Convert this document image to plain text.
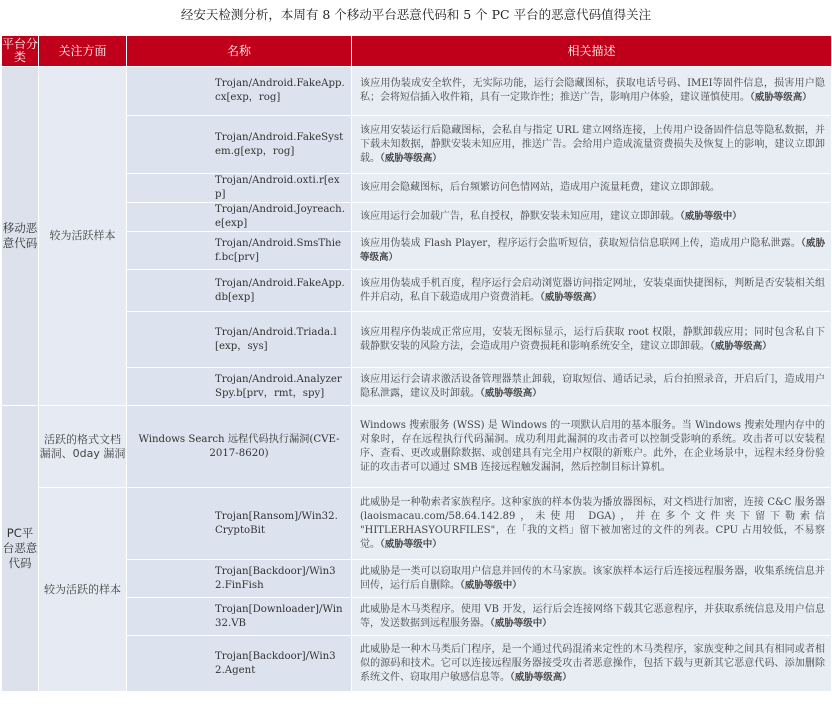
经安天检测分析，本周有 8 个移动平台恶意代码和 5 个 PC 平台的恶意代码值得关注
平台分类	关注方面	名称	相关描述
移动恶意代码	较为活跃样本	Trojan/Android.FakeApp.cx[exp，rog]	该应用伪装成安全软件，无实际功能，运行会隐藏图标，获取电话号码、IMEI等固件信息，损害用户隐私；会将短信插入收件箱，具有一定欺诈性；推送广告，影响用户体验，建议谨慎使用。（威胁等级高）
		Trojan/Android.FakeSystem.g[exp，rog]	该应用安装运行后隐藏图标，会私自与指定 URL 建立网络连接，上传用户设备固件信息等隐私数据，并下载未知数据，静默安装未知应用，推送广告。会给用户造成流量资费损失及恢复上的影响，建议立即卸载。（威胁等级高）
		Trojan/Android.oxti.r[exp]	该应用会隐藏图标，后台频繁访问色情网站，造成用户流量耗费，建议立即卸载。
		Trojan/Android.Joyreach.e[exp]	该应用运行会加载广告，私自授权，静默安装未知应用，建议立即卸载。（威胁等级中）
		Trojan/Android.SmsThief.bc[prv]	该应用伪装成 Flash Player，程序运行会监听短信，获取短信信息联网上传，造成用户隐私泄露。（威胁等级高）
		Trojan/Android.FakeApp.db[exp]	该应用伪装成手机百度，程序运行会启动浏览器访问指定网址，安装桌面快捷图标，判断是否安装相关组件并启动，私自下载造成用户资费消耗。（威胁等级高）
		Trojan/Android.Triada.l[exp，sys]	该应用程序伪装成正常应用，安装无图标显示，运行后获取 root 权限，静默卸载应用；同时包含私自下载静默安装的风险方法，会造成用户资费损耗和影响系统安全，建议立即卸载。（威胁等级高）
		Trojan/Android.AnalyzerSpy.b[prv，rmt，spy]	该应用运行会请求激活设备管理器禁止卸载，窃取短信、通话记录，后台拍照录音，开启后门，造成用户隐私泄露，建议及时卸载。（威胁等级高）
PC平台恶意代码	活跃的格式文档漏洞、0day 漏洞	Windows Search 远程代码执行漏洞(CVE-2017-8620)	Windows 搜索服务 (WSS) 是 Windows 的一项默认启用的基本服务。当 Windows 搜索处理内存中的对象时，存在远程执行代码漏洞。成功利用此漏洞的攻击者可以控制受影响的系统。攻击者可以安装程序、查看、更改或删除数据、或创建具有完全用户权限的新账户。此外，在企业场景中，远程未经身份验证的攻击者可以通过 SMB 连接远程触发漏洞，然后控制目标计算机。
	较为活跃的样本	Trojan[Ransom]/Win32.CryptoBit	此威胁是一种勒索者家族程序。这种家族的样本伪装为播放器图标，对文档进行加密，连接 C&C 服务器 (laoismacau.com/58.64.142.89，未使用 DGA)，并在多个文件夹下留下勒索信 "HITLERHASYOURFILES"，在「我的文档」留下被加密过的文件的列表。CPU 占用较低，不易察觉。（威胁等级中）
		Trojan[Backdoor]/Win32.FinFish	此威胁是一类可以窃取用户信息并回传的木马家族。该家族样本运行后连接远程服务器，收集系统信息并回传，运行后自删除。（威胁等级中）
		Trojan[Downloader]/Win32.VB	此威胁是木马类程序。使用 VB 开发，运行后会连接网络下载其它恶意程序，并获取系统信息及用户信息等，发送数据到远程服务器。（威胁等级中）
		Trojan[Backdoor]/Win32.Agent	此威胁是一种木马类后门程序，是一个通过代码混淆来定性的木马类程序，家族变种之间具有相同或者相似的源码和技术。它可以连接远程服务器接受攻击者恶意操作，包括下载与更新其它恶意代码、添加删除系统文件、窃取用户敏感信息等。（威胁等级高）
